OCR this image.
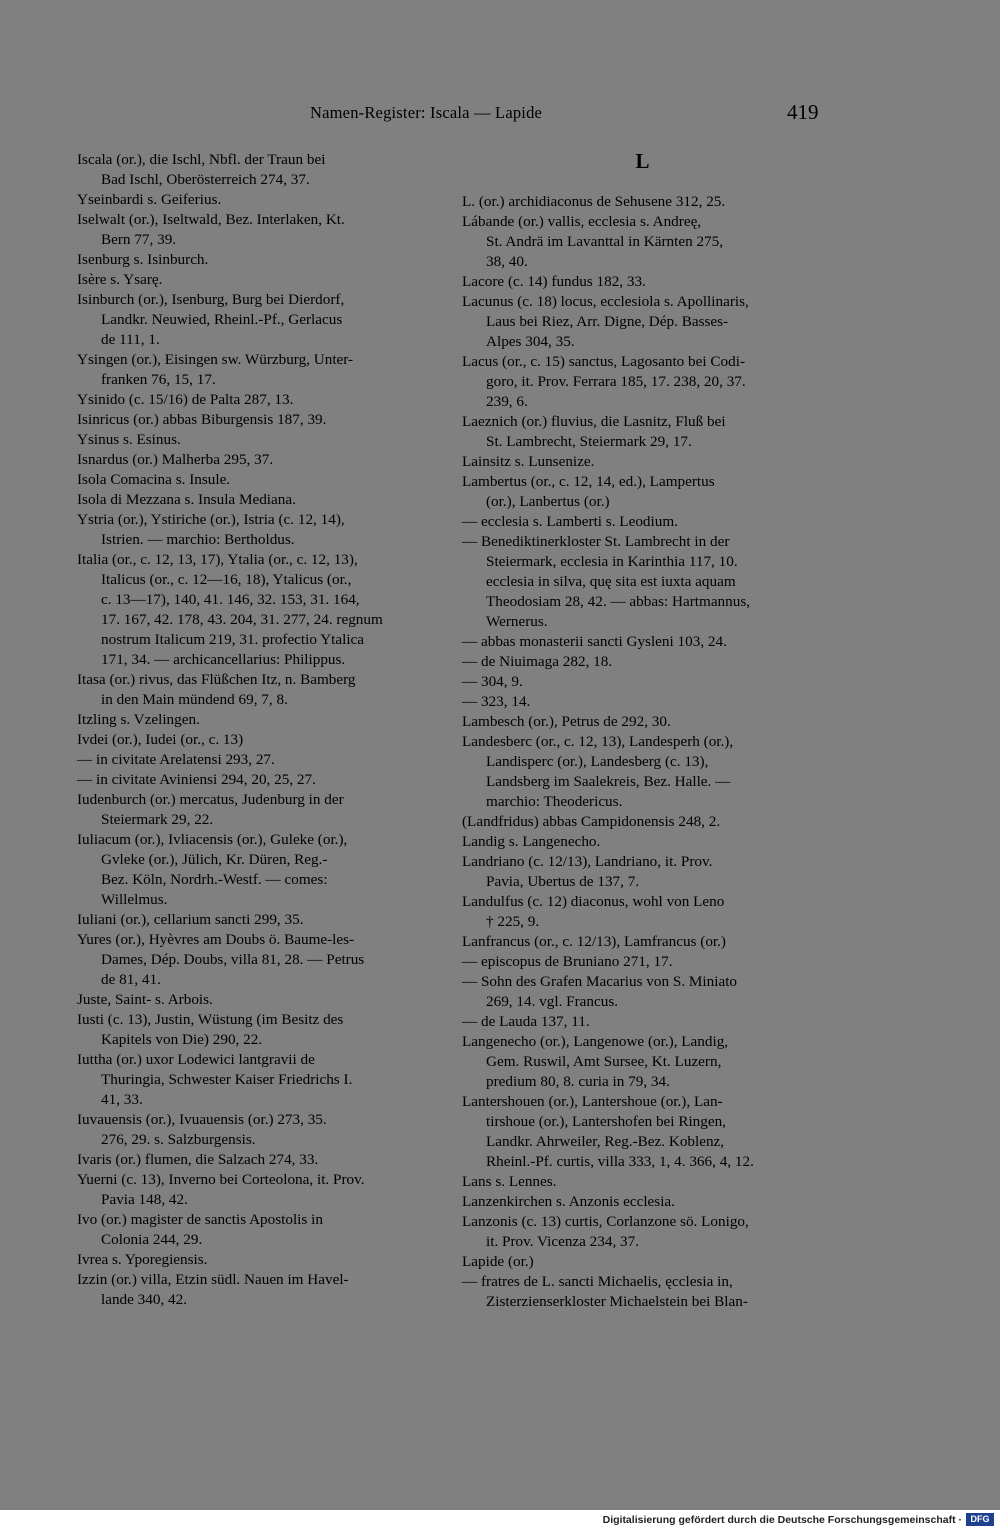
Namen-Register: Iscala — Lapide	419
Iscala (or.), die Ischl, Nbfl. der Traun bei
Bad Ischl, Oberösterreich 274, 37.
Yseinbardi s. Geiferius.
Iselwalt (or.), Iseltwald, Bez. Interlaken, Kt.
Bern 77, 39.
Isenburg s. Isinburch.
Isère s. Ysarę.
Isinburch (or.), Isenburg, Burg bei Dierdorf,
Landkr. Neuwied, Rheinl.-Pf., Gerlacus
de 111, 1.
Ysingen (or.), Eisingen sw. Würzburg, Unter-
franken 76, 15, 17.
Ysinido (c. 15/16) de Palta 287, 13.
Isinricus (or.) abbas Biburgensis 187, 39.
Ysinus s. Esinus.
Isnardus (or.) Malherba 295, 37.
Isola Comacina s. Insule.
Isola di Mezzana s. Insula Mediana.
Ystria (or.), Ystiriche (or.), Istria (c. 12, 14),
Istrien. — marchio: Bertholdus.
Italia (or., c. 12, 13, 17), Ytalia (or., c. 12, 13),
Italicus (or., c. 12—16, 18), Ytalicus (or.,
c. 13—17), 140, 41. 146, 32. 153, 31. 164,
17. 167, 42. 178, 43. 204, 31. 277, 24. regnum
nostrum Italicum 219, 31. profectio Ytalica
171, 34. — archicancellarius: Philippus.
Itasa (or.) rivus, das Flüßchen Itz, n. Bamberg
in den Main mündend 69, 7, 8.
Itzling s. Vzelingen.
Ivdei (or.), Iudei (or., c. 13)
— in civitate Arelatensi 293, 27.
— in civitate Aviniensi 294, 20, 25, 27.
Iudenburch (or.) mercatus, Judenburg in der
Steiermark 29, 22.
Iuliacum (or.), Ivliacensis (or.), Guleke (or.),
Gvleke (or.), Jülich, Kr. Düren, Reg.-
Bez. Köln, Nordrh.-Westf. — comes:
Willelmus.
Iuliani (or.), cellarium sancti 299, 35.
Yures (or.), Hyèvres am Doubs ö. Baume-les-
Dames, Dép. Doubs, villa 81, 28. — Petrus
de 81, 41.
Juste, Saint- s. Arbois.
Iusti (c. 13), Justin, Wüstung (im Besitz des
Kapitels von Die) 290, 22.
Iuttha (or.) uxor Lodewici lantgravii de
Thuringia, Schwester Kaiser Friedrichs I.
41, 33.
Iuvauensis (or.), Ivuauensis (or.) 273, 35.
276, 29. s. Salzburgensis.
Ivaris (or.) flumen, die Salzach 274, 33.
Yuerni (c. 13), Inverno bei Corteolona, it. Prov.
Pavia 148, 42.
Ivo (or.) magister de sanctis Apostolis in
Colonia 244, 29.
Ivrea s. Yporegiensis.
Izzin (or.) villa, Etzin südl. Nauen im Havel-
lande 340, 42.
L
L. (or.) archidiaconus de Sehusene 312, 25.
Lábande (or.) vallis, ecclesia s. Andreę,
St. Andrä im Lavanttal in Kärnten 275,
38, 40.
Lacore (c. 14) fundus 182, 33.
Lacunus (c. 18) locus, ecclesiola s. Apollinaris,
Laus bei Riez, Arr. Digne, Dép. Basses-
Alpes 304, 35.
Lacus (or., c. 15) sanctus, Lagosanto bei Codi-
goro, it. Prov. Ferrara 185, 17. 238, 20, 37.
239, 6.
Laeznich (or.) fluvius, die Lasnitz, Fluß bei
St. Lambrecht, Steiermark 29, 17.
Lainsitz s. Lunsenize.
Lambertus (or., c. 12, 14, ed.), Lampertus
(or.), Lanbertus (or.)
— ecclesia s. Lamberti s. Leodium.
— Benediktinerkloster St. Lambrecht in der
Steiermark, ecclesia in Karinthia 117, 10.
ecclesia in silva, quę sita est iuxta aquam
Theodosiam 28, 42. — abbas: Hartmannus,
Wernerus.
— abbas monasterii sancti Gysleni 103, 24.
— de Niuimaga 282, 18.
— 304, 9.
— 323, 14.
Lambesch (or.), Petrus de 292, 30.
Landesberc (or., c. 12, 13), Landesperh (or.),
Landisperc (or.), Landesberg (c. 13),
Landsberg im Saalekreis, Bez. Halle. —
marchio: Theodericus.
(Landfridus) abbas Campidonensis 248, 2.
Landig s. Langenecho.
Landriano (c. 12/13), Landriano, it. Prov.
Pavia, Ubertus de 137, 7.
Landulfus (c. 12) diaconus, wohl von Leno
† 225, 9.
Lanfrancus (or., c. 12/13), Lamfrancus (or.)
— episcopus de Bruniano 271, 17.
— Sohn des Grafen Macarius von S. Miniato
269, 14. vgl. Francus.
— de Lauda 137, 11.
Langenecho (or.), Langenowe (or.), Landig,
Gem. Ruswil, Amt Sursee, Kt. Luzern,
predium 80, 8. curia in 79, 34.
Lantershouen (or.), Lantershoue (or.), Lan-
tirshoue (or.), Lantershofen bei Ringen,
Landkr. Ahrweiler, Reg.-Bez. Koblenz,
Rheinl.-Pf. curtis, villa 333, 1, 4. 366, 4, 12.
Lans s. Lennes.
Lanzenkirchen s. Anzonis ecclesia.
Lanzonis (c. 13) curtis, Corlanzone sö. Lonigo,
it. Prov. Vicenza 234, 37.
Lapide (or.)
— fratres de L. sancti Michaelis, ęcclesia in,
Zisterzienserkloster Michaelstein bei Blan-
Digitalisierung gefördert durch die Deutsche Forschungsgemeinschaft · DFG
